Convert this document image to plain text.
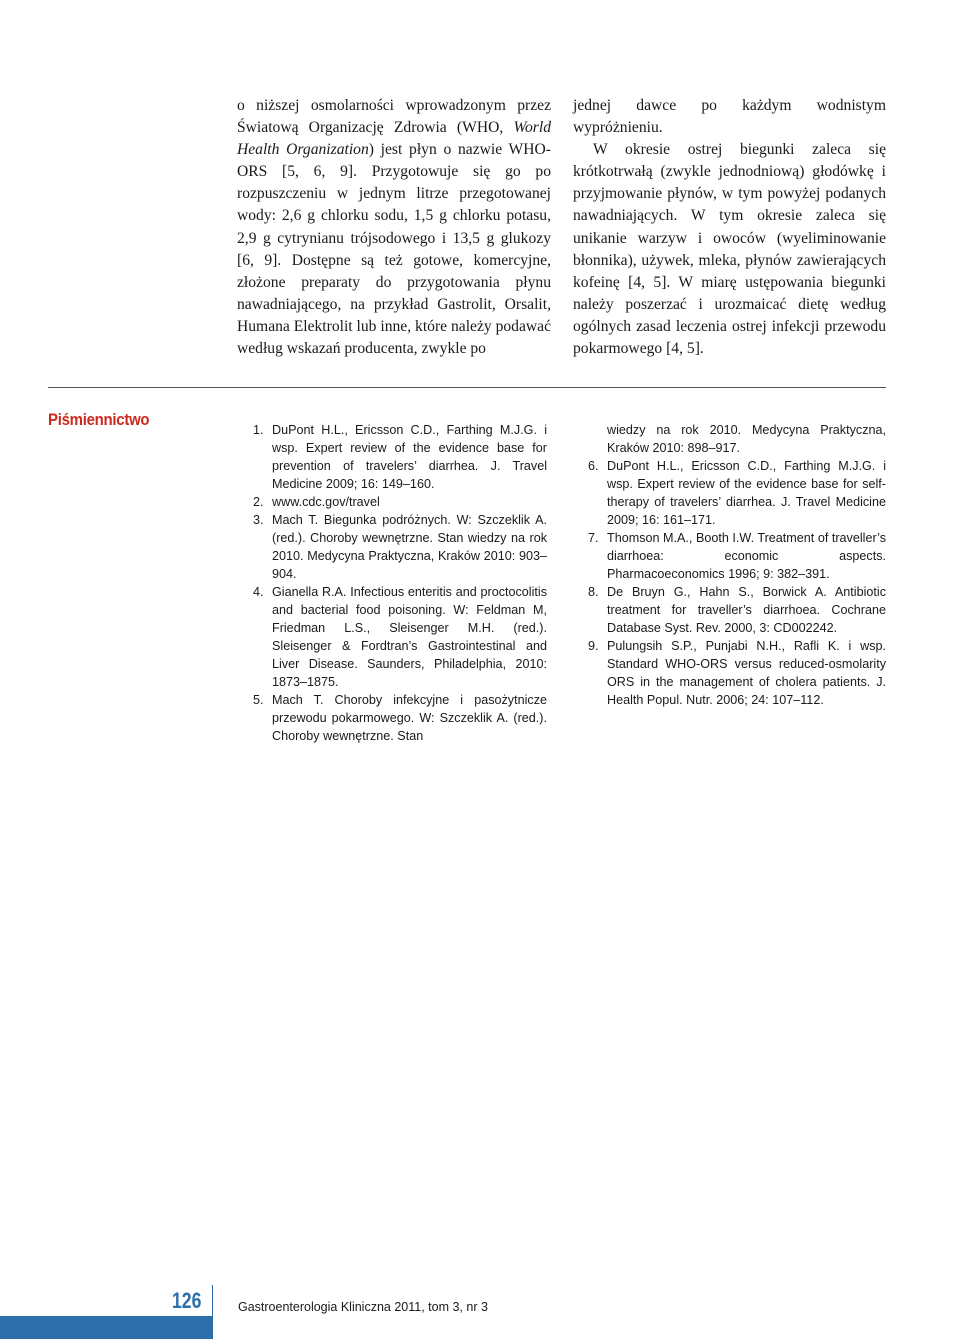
o niższej osmolarności wprowadzonym przez Światową Organizację Zdrowia (WHO, World Health Organization) jest płyn o nazwie WHO-ORS [5, 6, 9]. Przygotowuje się go po rozpuszczeniu w jednym litrze przegotowanej wody: 2,6 g chlorku sodu, 1,5 g chlorku potasu, 2,9 g cytrynianu trójsodowego i 13,5 g glukozy [6, 9]. Dostępne są też gotowe, komercyjne, złożone preparaty do przygotowania płynu nawadniającego, na przykład Gastrolit, Orsalit, Humana Elektrolit lub inne, które należy podawać według wskazań producenta, zwykle po

jednej dawce po każdym wodnistym wypróżnieniu.

W okresie ostrej biegunki zaleca się krótkotrwałą (zwykle jednodniową) głodówkę i przyjmowanie płynów, w tym powyżej podanych nawadniających. W tym okresie zaleca się unikanie warzyw i owoców (wyeliminowanie błonnika), używek, mleka, płynów zawierających kofeinę [4, 5]. W miarę ustępowania biegunki należy poszerzać i urozmaicać dietę według ogólnych zasad leczenia ostrej infekcji przewodu pokarmowego [4, 5].

Piśmiennictwo
1. DuPont H.L., Ericsson C.D., Farthing M.J.G. i wsp. Expert review of the evidence base for prevention of travelers’ diarrhea. J. Travel Medicine 2009; 16: 149–160.
2. www.cdc.gov/travel
3. Mach T. Biegunka podróżnych. W: Szczeklik A. (red.). Choroby wewnętrzne. Stan wiedzy na rok 2010. Medycyna Praktyczna, Kraków 2010: 903–904.
4. Gianella R.A. Infectious enteritis and proctocolitis and bacterial food poisoning. W: Feldman M, Friedman L.S., Sleisenger M.H. (red.). Sleisenger & Fordtran’s Gastrointestinal and Liver Disease. Saunders, Philadelphia, 2010: 1873–1875.
5. Mach T. Choroby infekcyjne i pasożytnicze przewodu pokarmowego. W: Szczeklik A. (red.). Choroby wewnętrzne. Stan
wiedzy na rok 2010. Medycyna Praktyczna, Kraków 2010: 898–917.
6. DuPont H.L., Ericsson C.D., Farthing M.J.G. i wsp. Expert review of the evidence base for self-therapy of travelers’ diarrhea. J. Travel Medicine 2009; 16: 161–171.
7. Thomson M.A., Booth I.W. Treatment of traveller’s diarrhoea: economic aspects. Pharmacoeconomics 1996; 9: 382–391.
8. De Bruyn G., Hahn S., Borwick A. Antibiotic treatment for traveller’s diarrhoea. Cochrane Database Syst. Rev. 2000, 3: CD002242.
9. Pulungsih S.P., Punjabi N.H., Rafli K. i wsp. Standard WHO-ORS versus reduced-osmolarity ORS in the management of cholera patients. J. Health Popul. Nutr. 2006; 24: 107–112.
126	Gastroenterologia Kliniczna 2011, tom 3, nr 3
